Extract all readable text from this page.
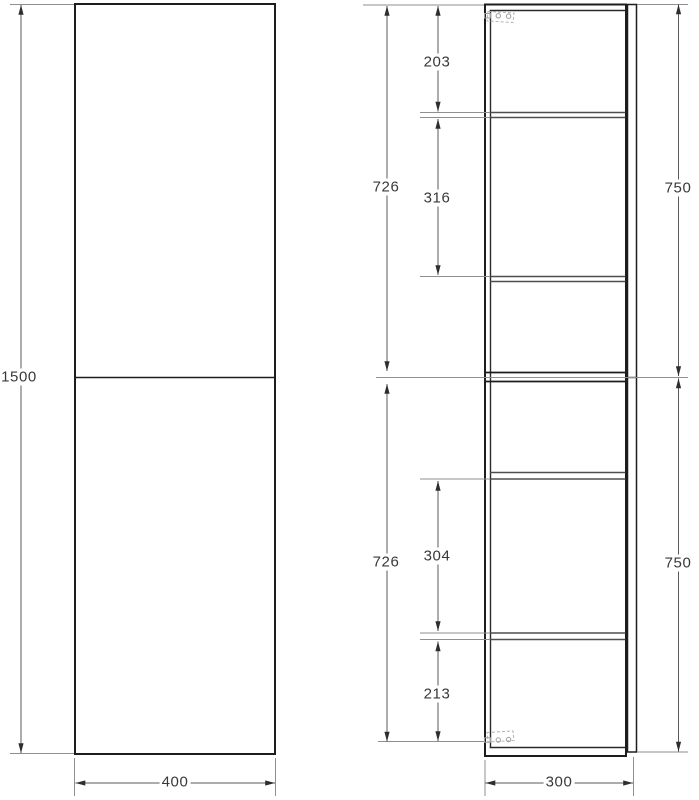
1500
400	300
203
316
726	750
304
726	750
213
